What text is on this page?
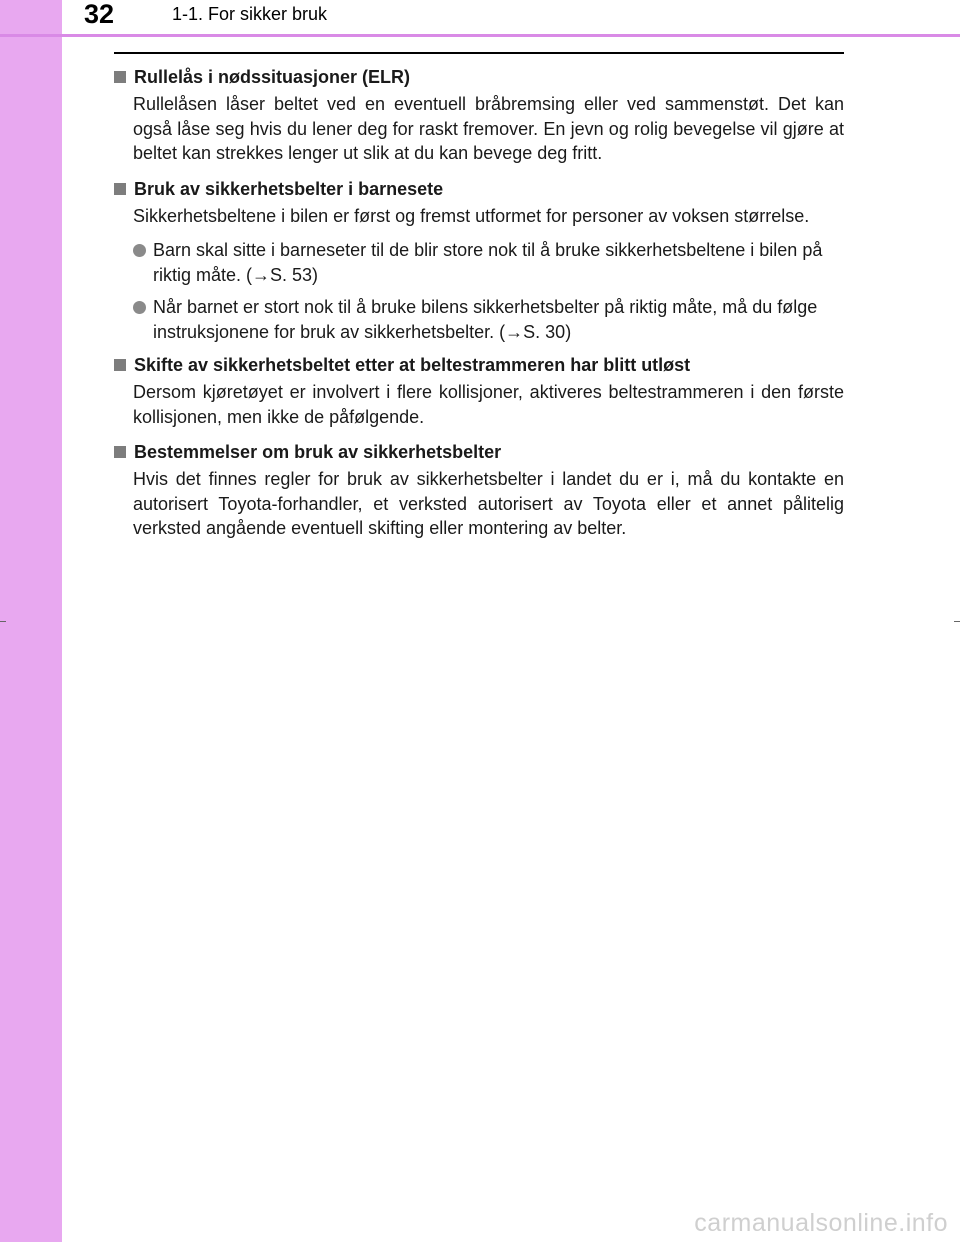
32	1-1. For sikker bruk

Rullelås i nødssituasjoner (ELR)

Rullelåsen låser beltet ved en eventuell bråbremsing eller ved sammenstøt. Det kan også låse seg hvis du lener deg for raskt fremover. En jevn og rolig bevegelse vil gjøre at beltet kan strekkes lenger ut slik at du kan bevege deg fritt.

Bruk av sikkerhetsbelter i barnesete

Sikkerhetsbeltene i bilen er først og fremst utformet for personer av voksen størrelse.

Barn skal sitte i barneseter til de blir store nok til å bruke sikkerhetsbeltene i bilen på riktig måte. (→S. 53)
Når barnet er stort nok til å bruke bilens sikkerhetsbelter på riktig måte, må du følge instruksjonene for bruk av sikkerhetsbelter. (→S. 30)

Skifte av sikkerhetsbeltet etter at beltestrammeren har blitt utløst

Dersom kjøretøyet er involvert i flere kollisjoner, aktiveres beltestrammeren i den første kollisjonen, men ikke de påfølgende.

Bestemmelser om bruk av sikkerhetsbelter

Hvis det finnes regler for bruk av sikkerhetsbelter i landet du er i, må du kontakte en autorisert Toyota-forhandler, et verksted autorisert av Toyota eller et annet pålitelig verksted angående eventuell skifting eller montering av belter.

carmanualsonline.info
